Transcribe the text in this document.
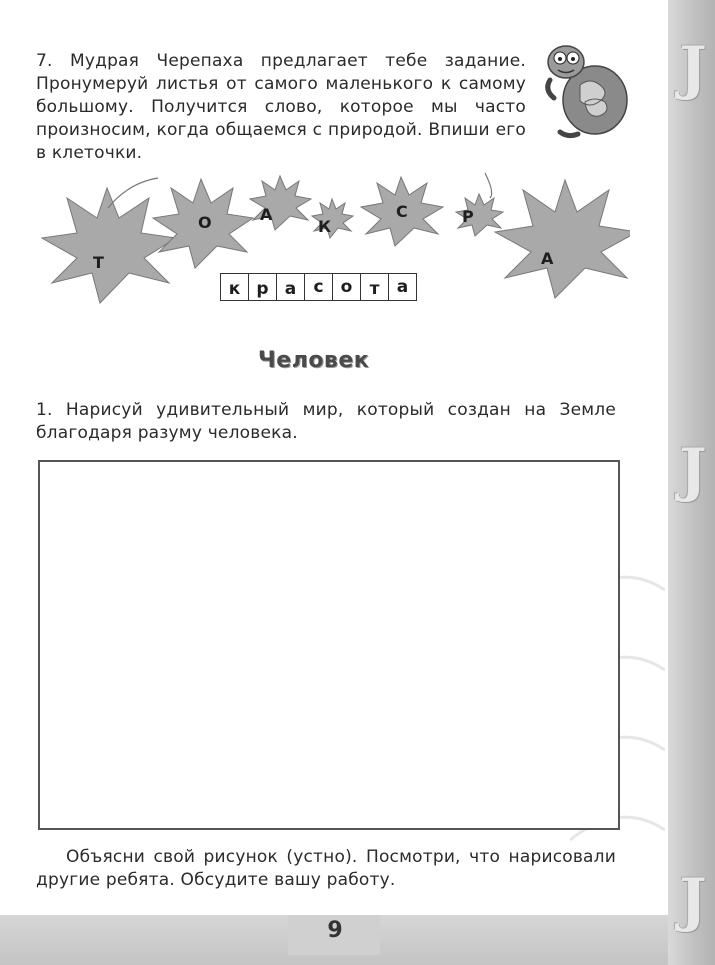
J
J
J
7. Мудрая Черепаха предлагает тебе задание. Пронумеруй листья от самого маленького к самому большому. Получится слово, которое мы часто произносим, когда общаемся с природой. Впиши его в клеточки.
Т
О	А
К
С	Р
А
к р а	с	о	т	а
Человек
1. Нарисуй удивительный мир, который создан на Земле благодаря разуму человека.
Объясни свой рисунок (устно). Посмотри, что нарисовали другие ребята. Обсудите вашу работу.
9
